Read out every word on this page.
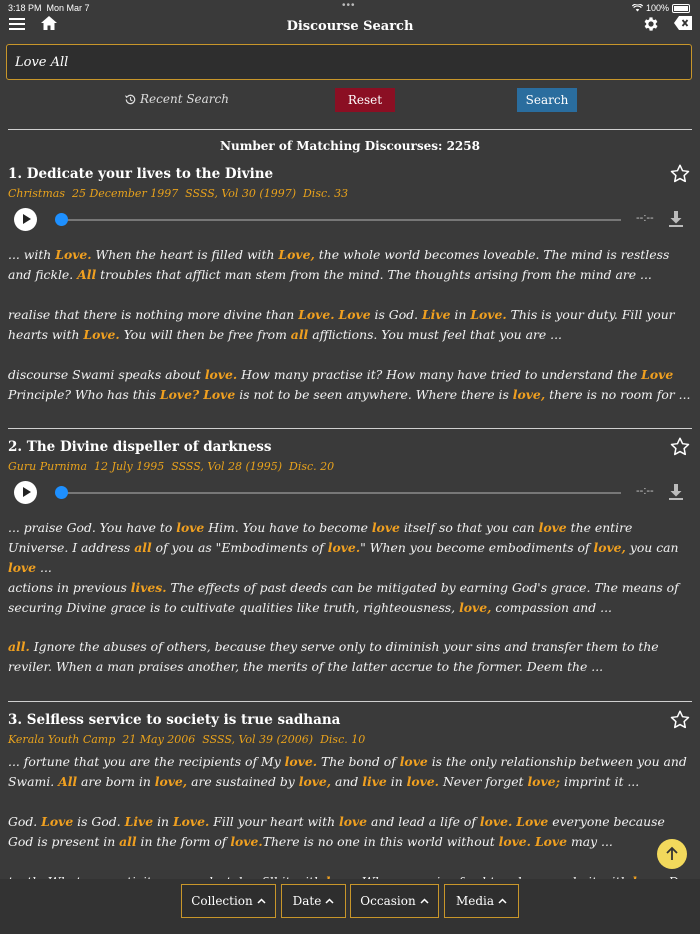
3:18 PM Mon Mar 7	•••	100%
Discourse Search
Love All
Recent Search	Reset	Search
Number of Matching Discourses: 2258
1. Dedicate your lives to the Divine
Christmas  25 December 1997  SSSS, Vol 30 (1997)  Disc. 33
--:--
... with Love. When the heart is filled with Love, the whole world becomes loveable. The mind is restless and fickle. All troubles that afflict man stem from the mind. The thoughts arising from the mind are ...
realise that there is nothing more divine than Love. Love is God. Live in Love. This is your duty. Fill your hearts with Love. You will then be free from all afflictions. You must feel that you are ...
discourse Swami speaks about love. How many practise it? How many have tried to understand the Love Principle? Who has this Love? Love is not to be seen anywhere. Where there is love, there is no room for ...
2. The Divine dispeller of darkness
Guru Purnima  12 July 1995  SSSS, Vol 28 (1995)  Disc. 20
--:--
... praise God. You have to love Him. You have to become love itself so that you can love the entire Universe. I address all of you as "Embodiments of love." When you become embodiments of love, you can love ...
actions in previous lives. The effects of past deeds can be mitigated by earning God's grace. The means of securing Divine grace is to cultivate qualities like truth, righteousness, love, compassion and ...
all. Ignore the abuses of others, because they serve only to diminish your sins and transfer them to the reviler. When a man praises another, the merits of the latter accrue to the former. Deem the ...
3. Selfless service to society is true sadhana
Kerala Youth Camp  21 May 2006  SSSS, Vol 39 (2006)  Disc. 10
... fortune that you are the recipients of My love. The bond of love is the only relationship between you and Swami. All are born in love, are sustained by love, and live in love. Never forget love; imprint it ...
God. Love is God. Live in Love. Fill your heart with love and lead a life of love. Love everyone because God is present in all in the form of love.There is no one in this world without love. Love may ...
Collection	Date	Occasion	Media
